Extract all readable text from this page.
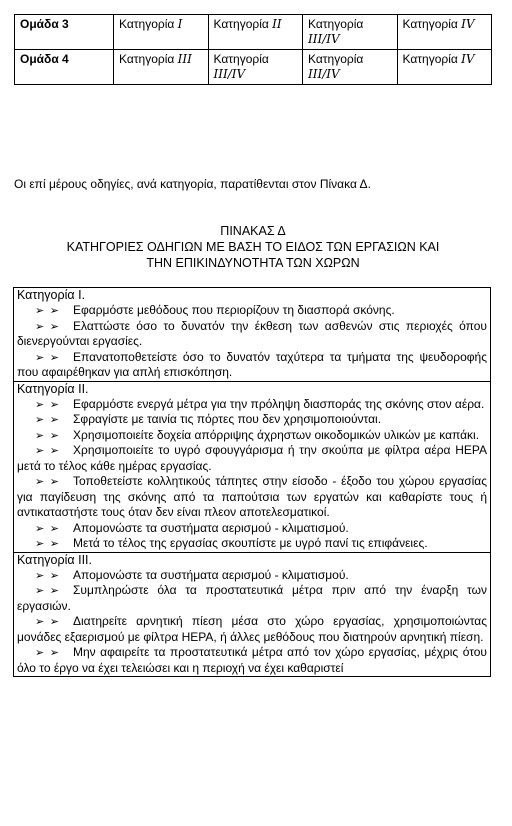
Ομάδα 3	Κατηγορία I	Κατηγορία II	Κατηγορία III/IV	Κατηγορία IV
Ομάδα 4	Κατηγορία III	Κατηγορία III/IV	Κατηγορία III/IV	Κατηγορία IV
Οι επί μέρους οδηγίες, ανά κατηγορία, παρατίθενται στον Πίνακα Δ.
ΠΙΝΑΚΑΣ Δ
ΚΑΤΗΓΟΡΙΕΣ ΟΔΗΓΙΩΝ ΜΕ ΒΑΣΗ ΤΟ ΕΙΔΟΣ ΤΩΝ ΕΡΓΑΣΙΩΝ ΚΑΙ
ΤΗΝ ΕΠΙΚΙΝΔΥΝΟΤΗΤΑ ΤΩΝ ΧΩΡΩΝ
Κατηγορία I.
➢ ➢ Εφαρμόστε μεθόδους που περιορίζουν τη διασπορά σκόνης.
➢ ➢ Ελαττώστε όσο το δυνατόν την έκθεση των ασθενών στις περιοχές όπου διενεργούνται εργασίες.
➢ ➢ Επανατοποθετείστε όσο το δυνατόν ταχύτερα τα τμήματα της ψευδοροφής που αφαιρέθηκαν για απλή επισκόπηση.
Κατηγορία II.
➢ ➢ Εφαρμόστε ενεργά μέτρα για την πρόληψη διασποράς της σκόνης στον αέρα.
➢ ➢ Σφραγίστε με ταινία τις πόρτες που δεν χρησιμοποιούνται.
➢ ➢ Χρησιμοποιείτε δοχεία απόρριψης άχρηστων οικοδομικών υλικών με καπάκι.
➢ ➢ Χρησιμοποιείτε το υγρό σφουγγάρισμα ή την σκούπα με φίλτρα αέρα HEPA μετά το τέλος κάθε ημέρας εργασίας.
➢ ➢ Τοποθετείστε κολλητικούς τάπητες στην είσοδο - έξοδο του χώρου εργασίας για παγίδευση της σκόνης από τα παπούτσια των εργατών και καθαρίστε τους ή αντικαταστήστε τους όταν δεν είναι πλεον αποτελεσματικοί.
➢ ➢ Απομονώστε τα συστήματα αερισμού - κλιματισμού.
➢ ➢ Μετά το τέλος της εργασίας σκουπίστε με υγρό πανί τις επιφάνειες.
Κατηγορία III.
➢ ➢ Απομονώστε τα συστήματα αερισμού - κλιματισμού.
➢ ➢ Συμπληρώστε όλα τα προστατευτικά μέτρα πριν από την έναρξη των εργασιών.
➢ ➢ Διατηρείτε αρνητική πίεση μέσα στο χώρο εργασίας, χρησιμοποιώντας μονάδες εξαερισμού με φίλτρα HEPA, ή άλλες μεθόδους που διατηρούν αρνητική πίεση.
➢ ➢ Μην αφαιρείτε τα προστατευτικά μέτρα από τον χώρο εργασίας, μέχρις ότου όλο το έργο να έχει τελειώσει και η περιοχή να έχει καθαριστεί
